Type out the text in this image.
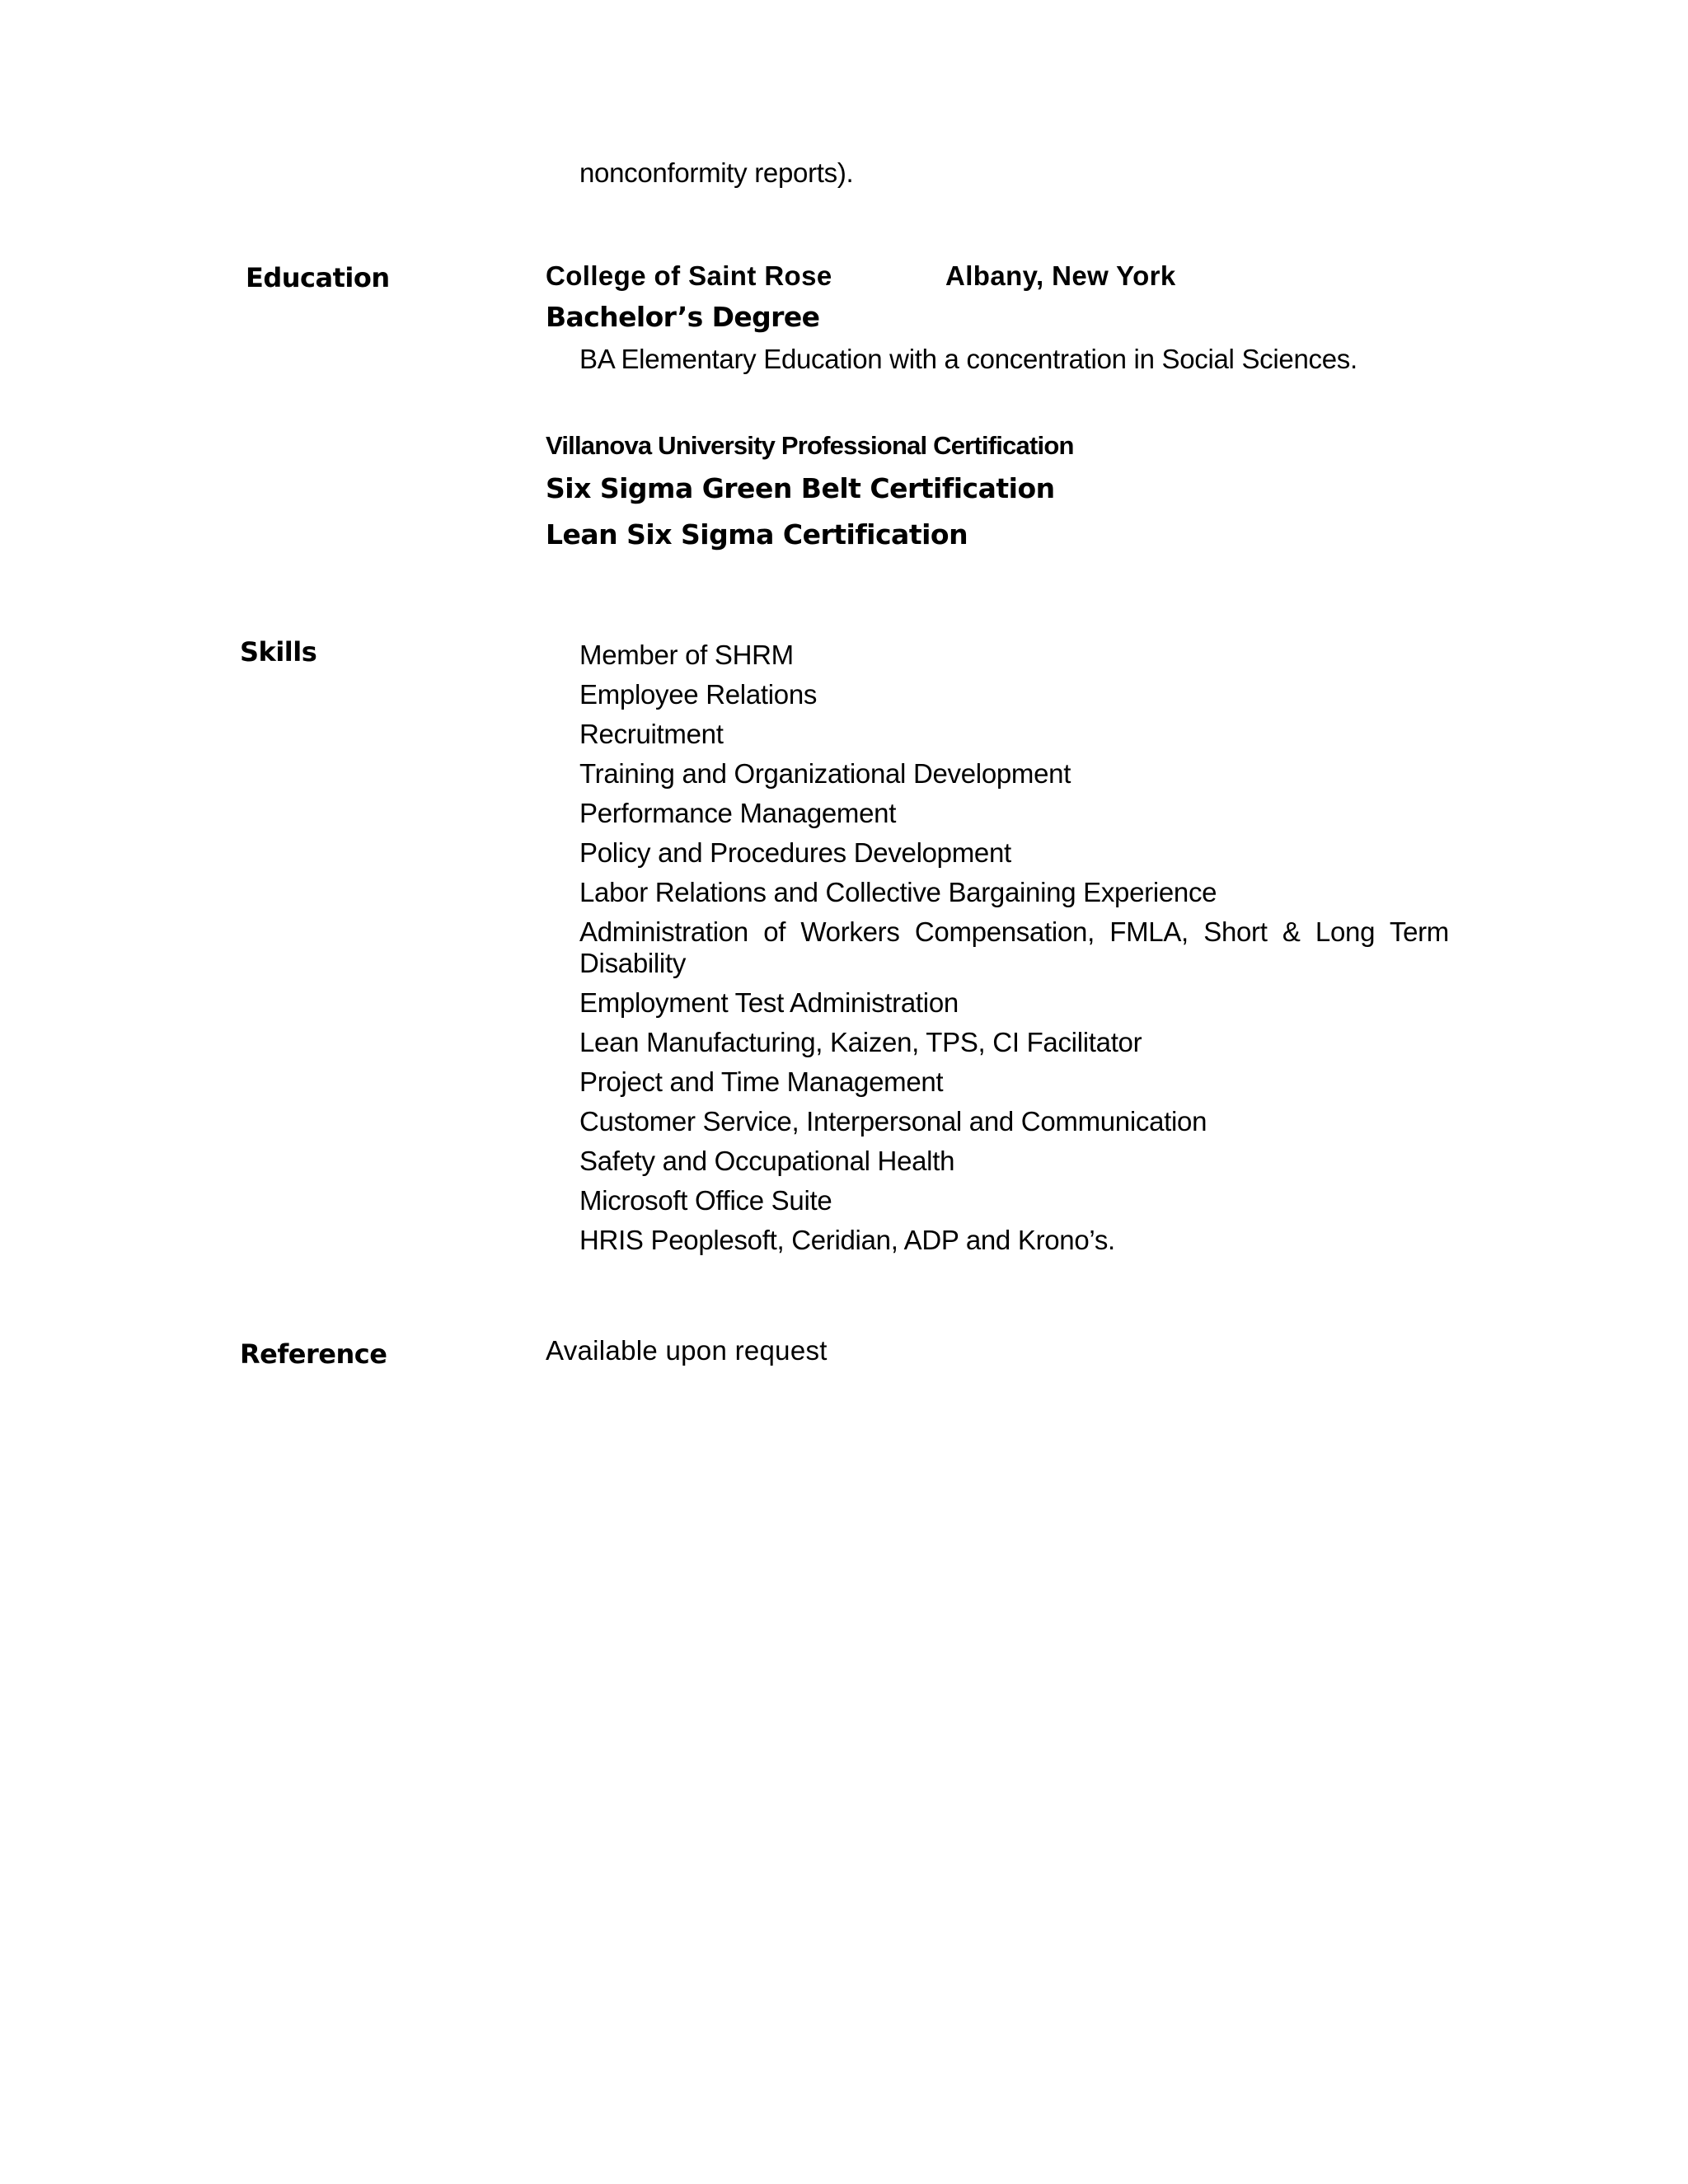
nonconformity reports).
Education	College of Saint Rose	Albany, New York
Bachelor’s Degree
BA Elementary Education with a concentration in Social Sciences.
Villanova University Professional Certification
Six Sigma Green Belt Certification
Lean Six Sigma Certification
Skills	Member of SHRM
Employee Relations
Recruitment
Training and Organizational Development
Performance Management
Policy and Procedures Development
Labor Relations and Collective Bargaining Experience
Administration of Workers Compensation, FMLA, Short & Long Term Disability
Employment Test Administration
Lean Manufacturing, Kaizen, TPS, CI Facilitator
Project and Time Management
Customer Service, Interpersonal and Communication
Safety and Occupational Health
Microsoft Office Suite
HRIS Peoplesoft, Ceridian, ADP and Krono’s.
Reference	Available upon request
